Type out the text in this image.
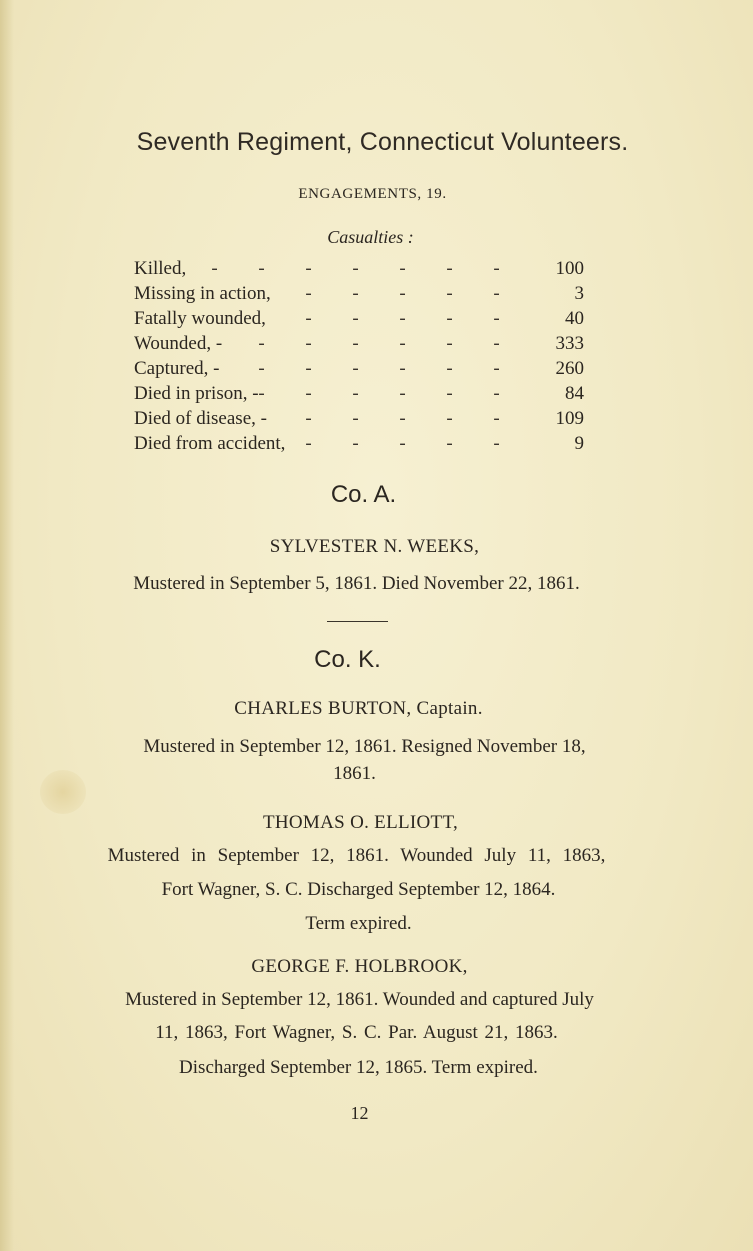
Seventh Regiment, Connecticut Volunteers.
ENGAGEMENTS, 19.
Casualties :
Killed,	- - - - - - -	100
Missing in action,	- - - - -	3
Fatally wounded,	- - - - -	40
Wounded, -	- - - - - -	333
Captured, -	- - - - - -	260
Died in prison, - - - - - - -	84
Died of disease, -	- - - - -	109
Died from accident,	- - - - -	9
Co. A.
SYLVESTER N. WEEKS,
Mustered in September 5, 1861. Died November 22, 1861.
Co. K.
CHARLES BURTON, Captain.
Mustered in September 12, 1861. Resigned November 18,
1861.
THOMAS O. ELLIOTT,
Mustered in September 12, 1861. Wounded July 11, 1863,
Fort Wagner, S. C. Discharged September 12, 1864.
Term expired.
GEORGE F. HOLBROOK,
Mustered in September 12, 1861. Wounded and captured July
11, 1863, Fort Wagner, S. C. Par. August 21, 1863.
Discharged September 12, 1865. Term expired.
12
